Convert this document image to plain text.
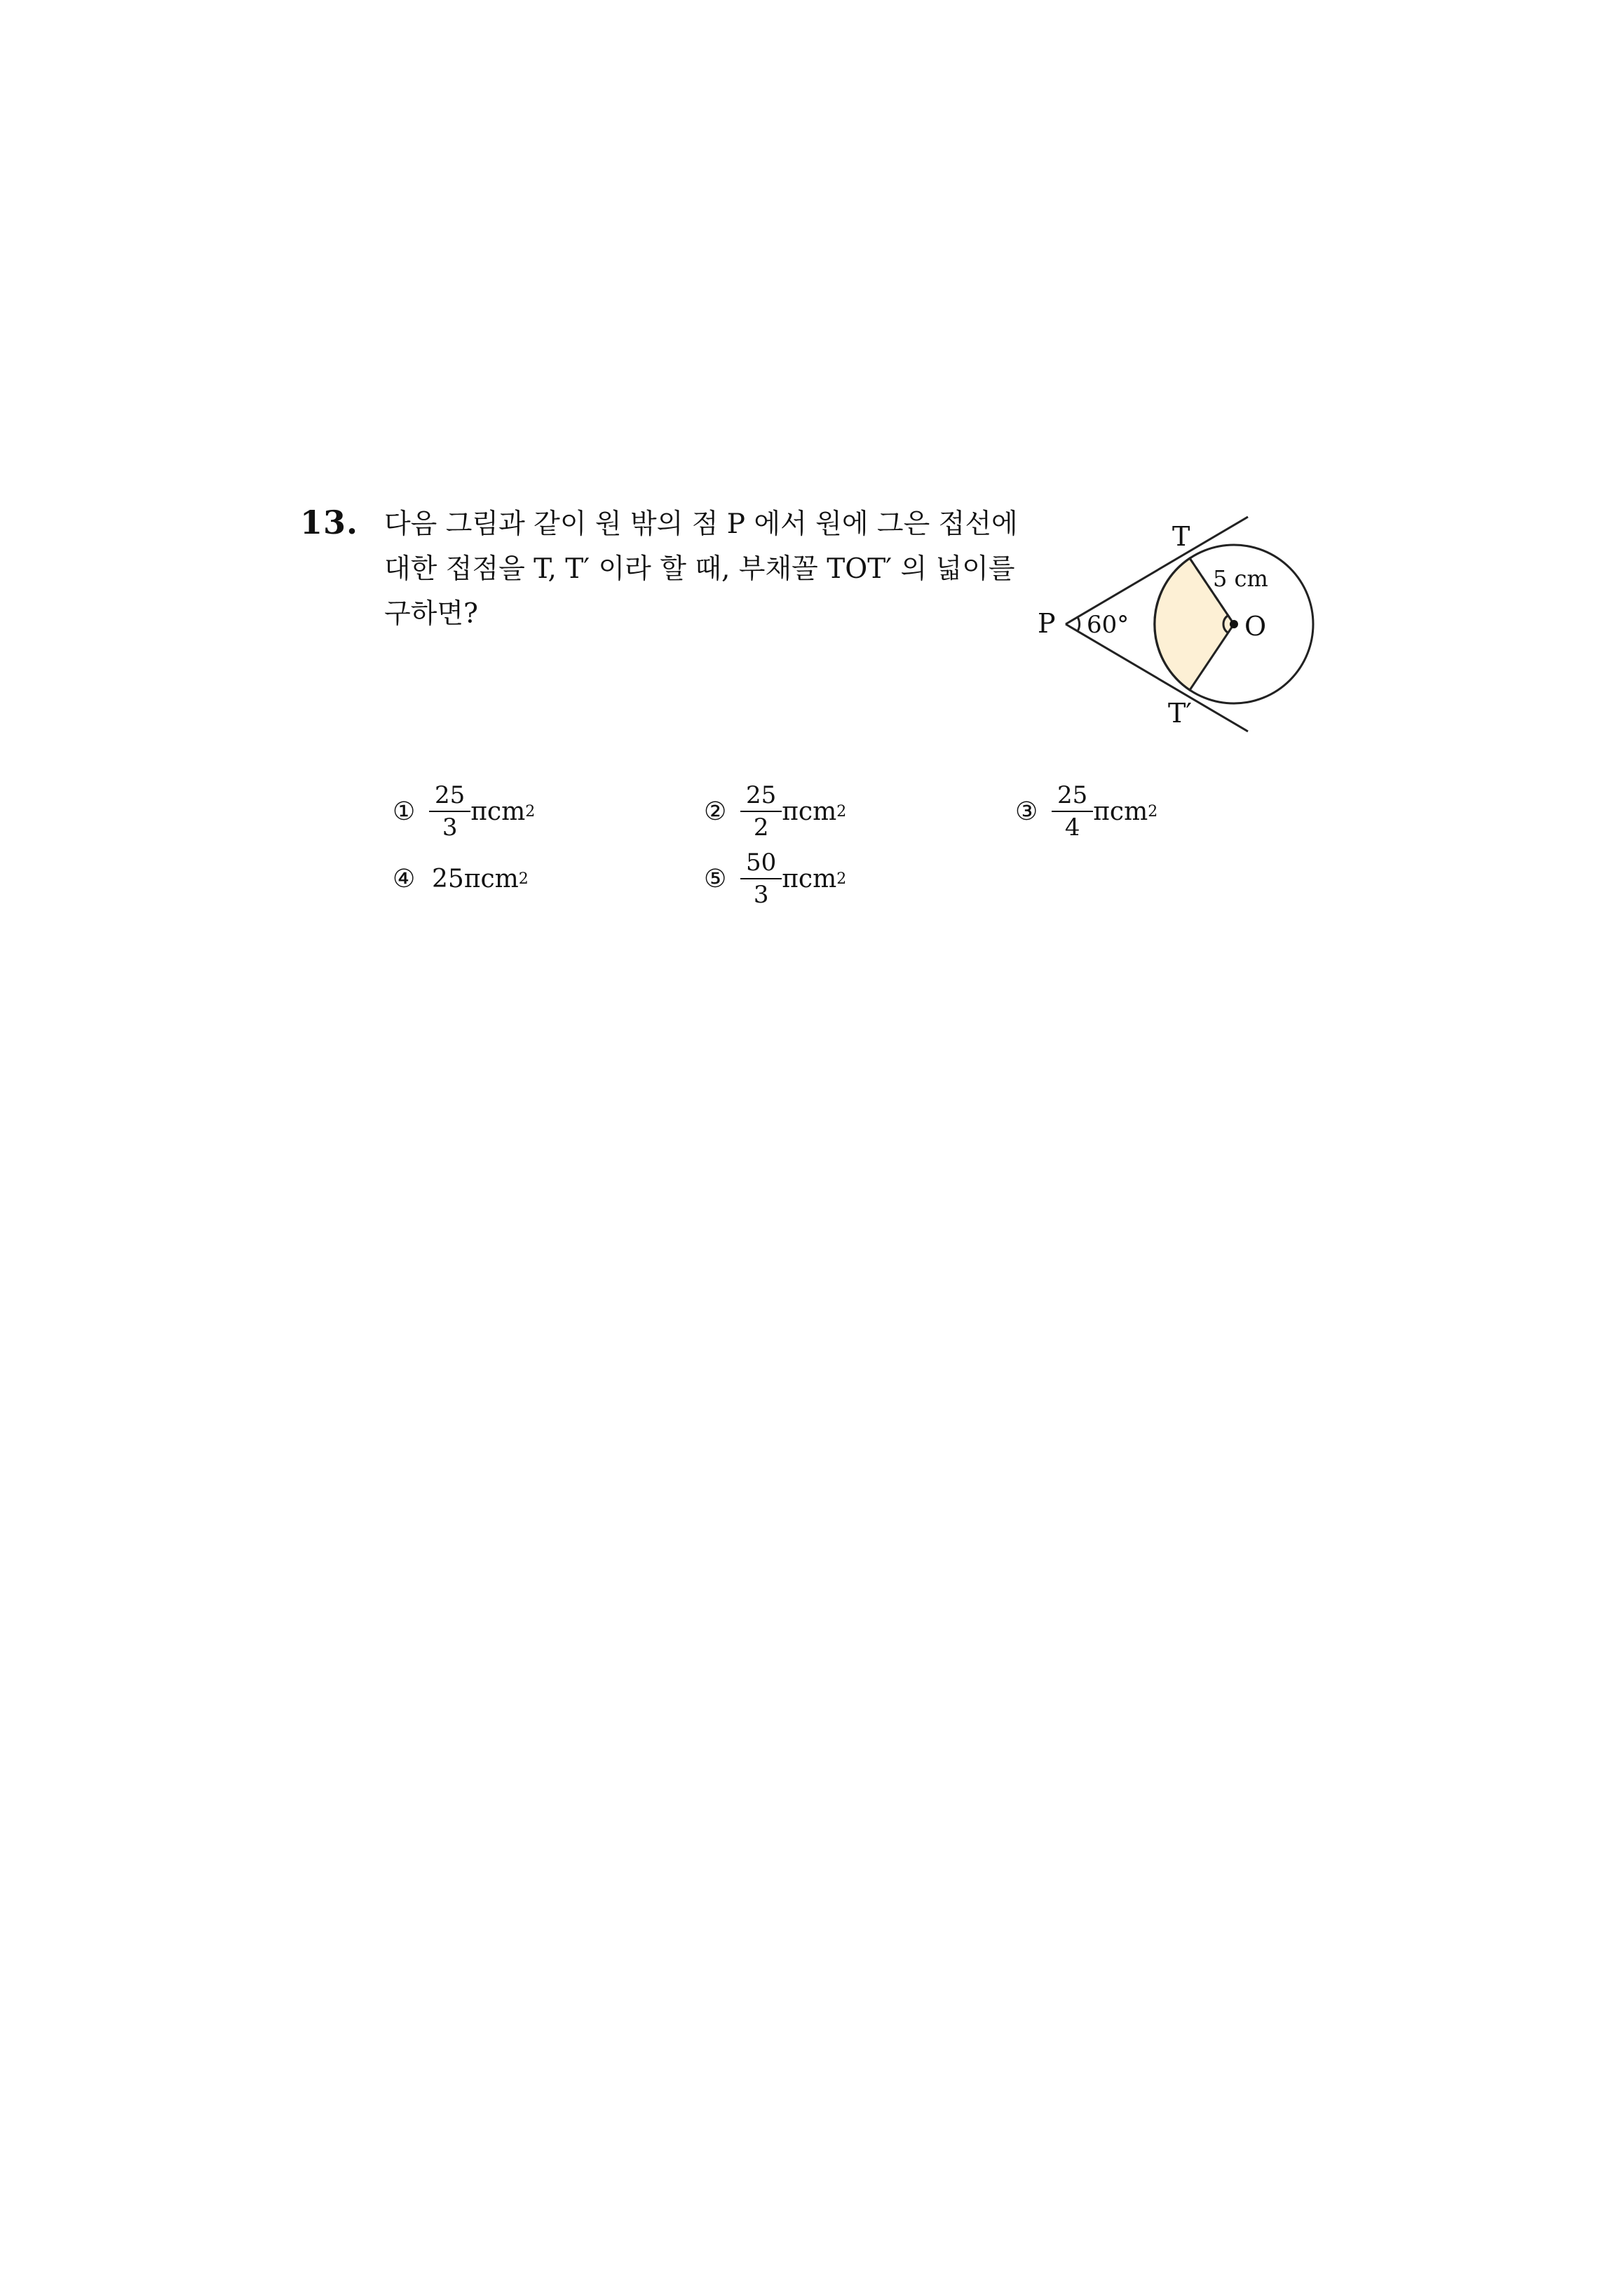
13. 다음 그림과 같이 원 밖의 점 P 에서 원에 그은 접선에
대한 접점을 T, T′ 이라 할 때, 부채꼴 TOT′ 의 넓이를
구하면?	P 60°
T
5 cm
O
T′
① $\frac{25}{3}$ πcm 2	② $\frac{25}{2}$ πcm 2	③ $\frac{25}{4}$ πcm 2
④ 25 πcm 2	⑤ $\frac{50}{3}$ πcm 2
